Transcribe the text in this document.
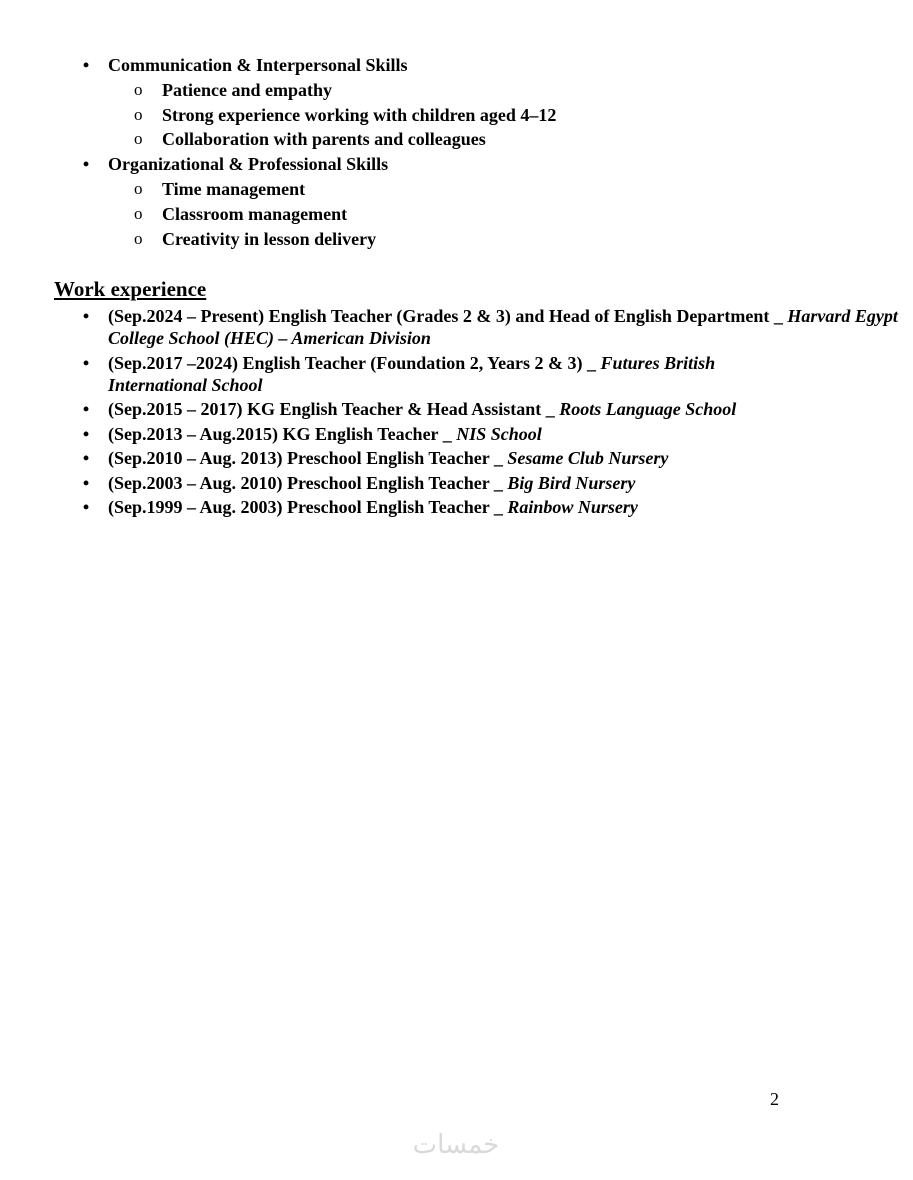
• Communication & Interpersonal Skills
o Patience and empathy
o Strong experience working with children aged 4–12
o Collaboration with parents and colleagues
• Organizational & Professional Skills
o Time management
o Classroom management
o Creativity in lesson delivery
Work experience
• (Sep.2024 – Present) English Teacher (Grades 2 & 3) and Head of English Department _ Harvard Egypt College School (HEC) – American Division
• (Sep.2017 –2024) English Teacher (Foundation 2, Years 2 & 3) _ Futures British International School
• (Sep.2015 – 2017) KG English Teacher & Head Assistant _ Roots Language School
• (Sep.2013 – Aug.2015) KG English Teacher _ NIS School
• (Sep.2010 – Aug. 2013) Preschool English Teacher _ Sesame Club Nursery
• (Sep.2003 – Aug. 2010) Preschool English Teacher _ Big Bird Nursery
• (Sep.1999 – Aug. 2003) Preschool English Teacher _ Rainbow Nursery
2
خمسات
